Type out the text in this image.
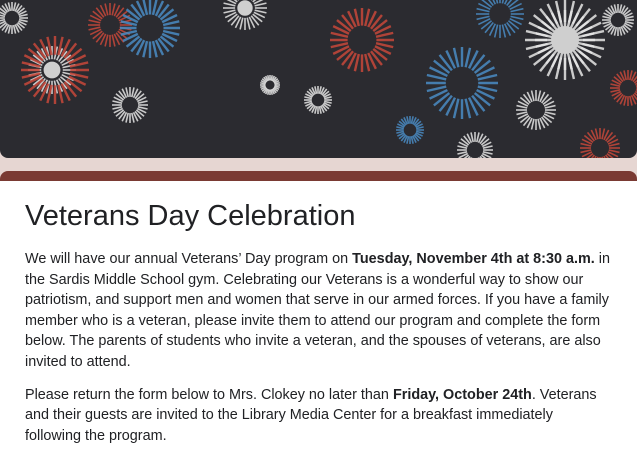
Veterans Day Celebration

We will have our annual Veterans’ Day program on Tuesday, November 4th at 8:30 a.m. in the Sardis Middle School gym. Celebrating our Veterans is a wonderful way to show our patriotism, and support men and women that serve in our armed forces. If you have a family member who is a veteran, please invite them to attend our program and complete the form below. The parents of students who invite a veteran, and the spouses of veterans, are also invited to attend.

Please return the form below to Mrs. Clokey no later than Friday, October 24th. Veterans and their guests are invited to the Library Media Center for a breakfast immediately following the program.
